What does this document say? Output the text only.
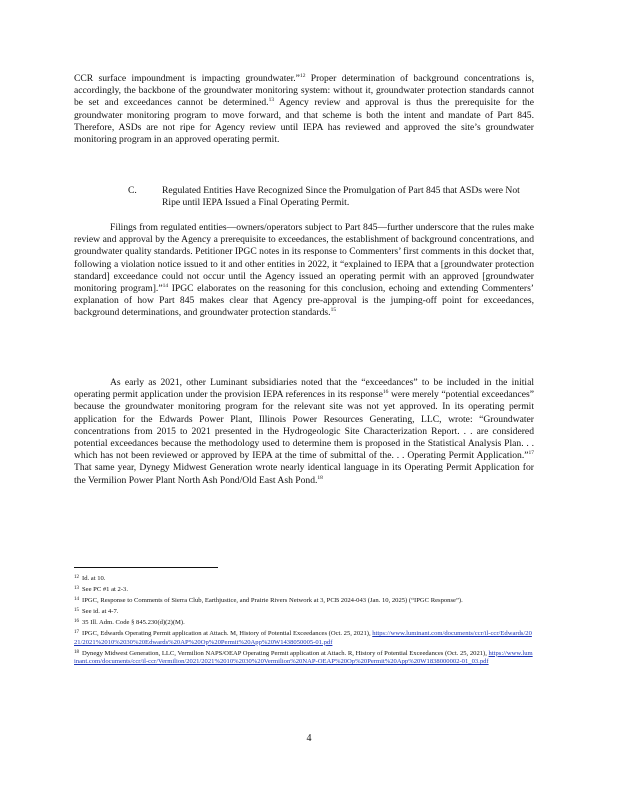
CCR surface impoundment is impacting groundwater.”$^{12}$ Proper determination of background concentrations is, accordingly, the backbone of the groundwater monitoring system: without it, groundwater protection standards cannot be set and exceedances cannot be determined.$^{13}$ Agency review and approval is thus the prerequisite for the groundwater monitoring program to move forward, and that scheme is both the intent and mandate of Part 845. Therefore, ASDs are not ripe for Agency review until IEPA has reviewed and approved the site’s groundwater monitoring program in an approved operating permit.

C.	Regulated Entities Have Recognized Since the Promulgation of Part 845 that ASDs were Not Ripe until IEPA Issued a Final Operating Permit.

Filings from regulated entities—owners/operators subject to Part 845—further underscore that the rules make review and approval by the Agency a prerequisite to exceedances, the establishment of background concentrations, and groundwater quality standards. Petitioner IPGC notes in its response to Commenters’ first comments in this docket that, following a violation notice issued to it and other entities in 2022, it “explained to IEPA that a [groundwater protection standard] exceedance could not occur until the Agency issued an operating permit with an approved [groundwater monitoring program].”$^{14}$ IPGC elaborates on the reasoning for this conclusion, echoing and extending Commenters’ explanation of how Part 845 makes clear that Agency pre-approval is the jumping-off point for exceedances, background determinations, and groundwater protection standards.$^{15}$

As early as 2021, other Luminant subsidiaries noted that the “exceedances” to be included in the initial operating permit application under the provision IEPA references in its response$^{16}$ were merely “potential exceedances” because the groundwater monitoring program for the relevant site was not yet approved. In its operating permit application for the Edwards Power Plant, Illinois Power Resources Generating, LLC, wrote: “Groundwater concentrations from 2015 to 2021 presented in the Hydrogeologic Site Characterization Report. . . are considered potential exceedances because the methodology used to determine them is proposed in the Statistical Analysis Plan. . . which has not been reviewed or approved by IEPA at the time of submittal of the. . . Operating Permit Application.”$^{17}$ That same year, Dynegy Midwest Generation wrote nearly identical language in its Operating Permit Application for the Vermilion Power Plant North Ash Pond/Old East Ash Pond.$^{18}$

$^{12}$ Id. at 10.

$^{13}$ See PC #1 at 2-3.

$^{14}$ IPGC, Response to Comments of Sierra Club, Earthjustice, and Prairie Rivers Network at 3, PCB 2024-043 (Jan. 10, 2025) (“IPGC Response”).

$^{15}$ See id. at 4-7.

$^{16}$ 35 Ill. Adm. Code § 845.230(d)(2)(M).

$^{17}$ IPGC, Edwards Operating Permit application at Attach. M, History of Potential Exceedances (Oct. 25, 2021), https://www.luminant.com/documents/ccr/il-ccr/Edwards/2021/2021%2010%2030%20Edwards%20AP%20Op%20Permit%20App%20W1438050005-01.pdf

$^{18}$ Dynegy Midwest Generation, LLC, Vermilion NAPS/OEAP Operating Permit application at Attach. R, History of Potential Exceedances (Oct. 25, 2021), https://www.luminant.com/documents/ccr/il-ccr/Vermilion/2021/2021%2010%2030%20Vermilion%20NAP-OEAP%20Op%20Permit%20App%20W1838000002-01_03.pdf

4
